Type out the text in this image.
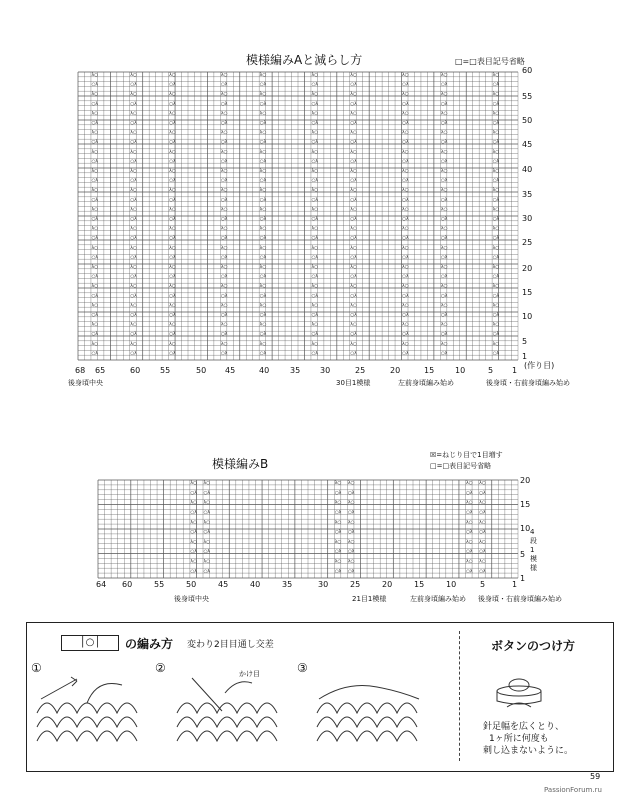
模様編みAと減らし方	□=□表目記号省略
λ○
○λ
λ○
○λ
λ○
○λ
λ○
○λ
λ○
○λ
λ○
○λ
λ○
○λ
λ○
○λ
λ○
○λ
λ○
○λ
λ○
○λ
λ○
○λ
λ○
○λ
λ○
○λ
λ○
○λ
λ○
○λ
λ○
○λ
λ○
○λ
λ○
○λ
λ○
○λ
λ○
○λ
λ○
○λ
λ○
○λ
λ○
○λ
λ○
○λ
λ○
○λ
λ○
○λ
λ○
○λ
λ○
○λ
λ○
○λ
λ○
○λ
λ○
○λ
λ○
○λ
λ○
○λ
λ○
○λ
λ○
○λ
λ○
○λ
λ○
○λ
λ○
○λ
λ○
○λ
λ○
○λ
λ○
○λ
λ○
○λ
λ○
○λ
λ○
○λ
λ○
○λ
λ○
○λ
λ○
○λ
λ○
○λ
λ○
○λ
λ○
○λ
λ○
○λ
λ○
○λ
λ○
○λ
λ○
○λ
λ○
○λ
λ○
○λ
λ○
○λ
λ○
○λ
λ○
○λ
λ○
○λ
λ○
○λ
λ○
○λ
λ○
○λ
λ○
○λ
λ○
○λ
λ○
○λ
λ○
○λ
λ○
○λ
λ○
○λ
λ○
○λ
λ○
○λ
λ○
○λ
λ○
○λ
λ○
○λ
λ○
○λ
λ○
○λ
λ○
○λ
λ○
○λ
λ○
○λ
λ○
○λ
λ○
○λ
λ○
○λ
λ○
○λ
λ○
○λ
λ○
○λ
λ○
○λ
λ○
○λ
λ○
○λ
λ○
○λ
λ○
○λ
λ○
○λ
λ○
○λ
λ○
○λ
λ○
○λ
λ○
○λ
λ○
○λ
λ○
○λ
λ○
○λ
λ○
○λ
λ○
○λ
λ○
○λ
λ○
○λ
λ○
○λ
λ○
○λ
λ○
○λ
λ○
○λ
λ○
○λ
λ○
○λ
λ○
○λ
λ○
○λ
λ○
○λ
λ○
○λ
λ○
○λ
λ○
○λ
λ○
○λ
λ○
○λ
λ○
○λ
λ○
○λ
λ○
○λ
λ○
○λ
λ○
○λ
λ○
○λ
λ○
○λ
λ○
○λ
λ○
○λ
λ○
○λ
λ○
○λ
λ○
○λ
λ○
○λ
λ○
○λ
λ○
○λ
λ○
○λ
λ○
○λ
λ○
○λ
λ○
○λ
λ○
○λ
λ○
○λ
λ○
○λ
λ○
○λ
λ○
○λ
λ○
○λ
λ○
○λ
λ○
○λ
λ○
○λ
λ○
○λ
λ○
○λ
λ○
○λ
λ○
○λ
λ○
○λ
60
55
50
45
40
35
30
25
20
15
10
5
1
68 65	60 55	50 45	40	35 30	25	20	15	10	5 1
(作り目)
後身頃中央	30目1模様	左前身頃編み始め	後身頃・右前身頃編み始め
模様編みB
☒=ねじり目で1目増す
□=□表目記号省略
λ○
○λ
λ○
○λ
λ○
○λ
λ○
○λ
λ○
○λ
λ○
○λ
λ○
○λ
λ○
○λ
λ○
○λ
λ○
○λ
λ○
○λ
λ○
○λ
λ○
○λ
λ○
○λ
λ○
○λ
λ○
○λ
λ○
○λ
λ○
○λ
λ○
○λ
λ○
○λ
λ○
○λ
λ○
○λ
λ○
○λ
λ○
○λ
λ○
○λ
λ○
○λ
λ○
○λ
λ○
○λ
λ○
○λ
λ○
○λ
20
15
10
5
1
64 60	55	50	45	40	35	30	25	20	15	10	5	1
4段1模様
後身頃中央	21目1模様	左前身頃編み始め 後身頃・右前身頃編み始め
│○│	の編み方 変わり2目目通し交差
①	②	③
かけ目
ボタンのつけ方
針足幅を広くとり、
1ヶ所に何度も
刺し込まないように。
59
PassionForum.ru
